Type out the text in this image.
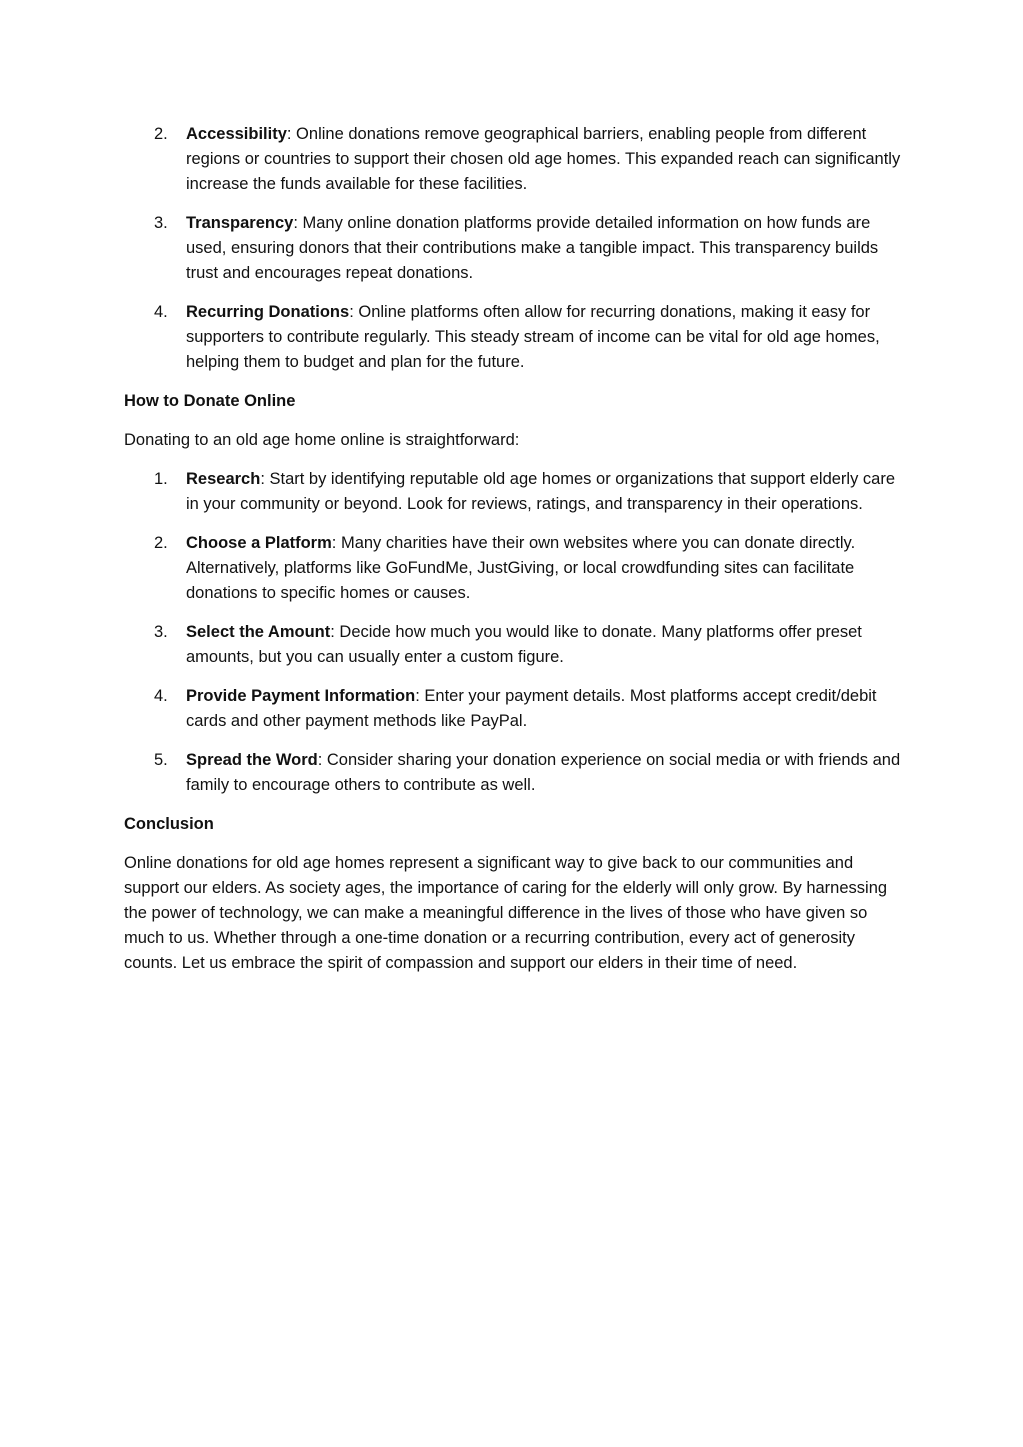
2. Accessibility: Online donations remove geographical barriers, enabling people from different regions or countries to support their chosen old age homes. This expanded reach can significantly increase the funds available for these facilities.
3. Transparency: Many online donation platforms provide detailed information on how funds are used, ensuring donors that their contributions make a tangible impact. This transparency builds trust and encourages repeat donations.
4. Recurring Donations: Online platforms often allow for recurring donations, making it easy for supporters to contribute regularly. This steady stream of income can be vital for old age homes, helping them to budget and plan for the future.
How to Donate Online

Donating to an old age home online is straightforward:

1. Research: Start by identifying reputable old age homes or organizations that support elderly care in your community or beyond. Look for reviews, ratings, and transparency in their operations.
2. Choose a Platform: Many charities have their own websites where you can donate directly. Alternatively, platforms like GoFundMe, JustGiving, or local crowdfunding sites can facilitate donations to specific homes or causes.
3. Select the Amount: Decide how much you would like to donate. Many platforms offer preset amounts, but you can usually enter a custom figure.
4. Provide Payment Information: Enter your payment details. Most platforms accept credit/debit cards and other payment methods like PayPal.
5. Spread the Word: Consider sharing your donation experience on social media or with friends and family to encourage others to contribute as well.
Conclusion

Online donations for old age homes represent a significant way to give back to our communities and support our elders. As society ages, the importance of caring for the elderly will only grow. By harnessing the power of technology, we can make a meaningful difference in the lives of those who have given so much to us. Whether through a one-time donation or a recurring contribution, every act of generosity counts. Let us embrace the spirit of compassion and support our elders in their time of need.
